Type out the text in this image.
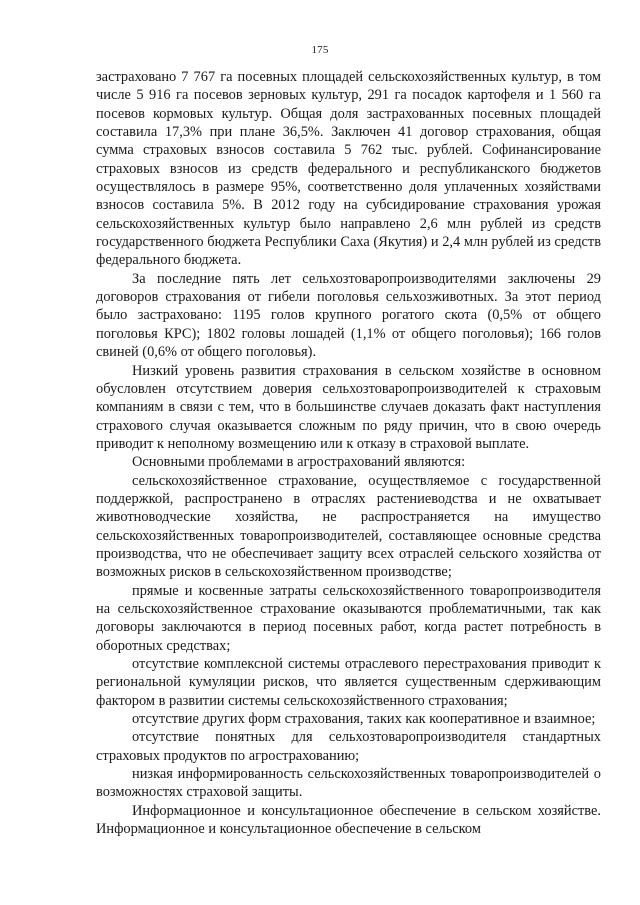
175

застраховано 7 767 га посевных площадей сельскохозяйственных культур, в том числе 5 916 га посевов зерновых культур, 291 га посадок картофеля и 1 560 га посевов кормовых культур. Общая доля застрахованных посевных площадей составила 17,3% при плане 36,5%. Заключен 41 договор страхования, общая сумма страховых взносов составила 5 762 тыс. рублей. Софинансирование страховых взносов из средств федерального и республиканского бюджетов осуществлялось в размере 95%, соответственно доля уплаченных хозяйствами взносов составила 5%. В 2012 году на субсидирование страхования урожая сельскохозяйственных культур было направлено 2,6 млн рублей из средств государственного бюджета Республики Саха (Якутия) и 2,4 млн рублей из средств федерального бюджета.

За последние пять лет сельхозтоваропроизводителями заключены 29 договоров страхования от гибели поголовья сельхозживотных. За этот период было застраховано: 1195 голов крупного рогатого скота (0,5% от общего поголовья КРС); 1802 головы лошадей (1,1% от общего поголовья); 166 голов свиней (0,6% от общего поголовья).

Низкий уровень развития страхования в сельском хозяйстве в основном обусловлен отсутствием доверия сельхозтоваропроизводителей к страховым компаниям в связи с тем, что в большинстве случаев доказать факт наступления страхового случая оказывается сложным по ряду причин, что в свою очередь приводит к неполному возмещению или к отказу в страховой выплате.

Основными проблемами в агрострахований являются:

сельскохозяйственное страхование, осуществляемое с государственной поддержкой, распространено в отраслях растениеводства и не охватывает животноводческие хозяйства, не распространяется на имущество сельскохозяйственных товаропроизводителей, составляющее основные средства производства, что не обеспечивает защиту всех отраслей сельского хозяйства от возможных рисков в сельскохозяйственном производстве;

прямые и косвенные затраты сельскохозяйственного товаропроизводителя на сельскохозяйственное страхование оказываются проблематичными, так как договоры заключаются в период посевных работ, когда растет потребность в оборотных средствах;

отсутствие комплексной системы отраслевого перестрахования приводит к региональной кумуляции рисков, что является существенным сдерживающим фактором в развитии системы сельскохозяйственного страхования;

отсутствие других форм страхования, таких как кооперативное и взаимное;

отсутствие понятных для сельхозтоваропроизводителя стандартных страховых продуктов по агрострахованию;

низкая информированность сельскохозяйственных товаропроизводителей о возможностях страховой защиты.

Информационное и консультационное обеспечение в сельском хозяйстве. Информационное и консультационное обеспечение в сельском
